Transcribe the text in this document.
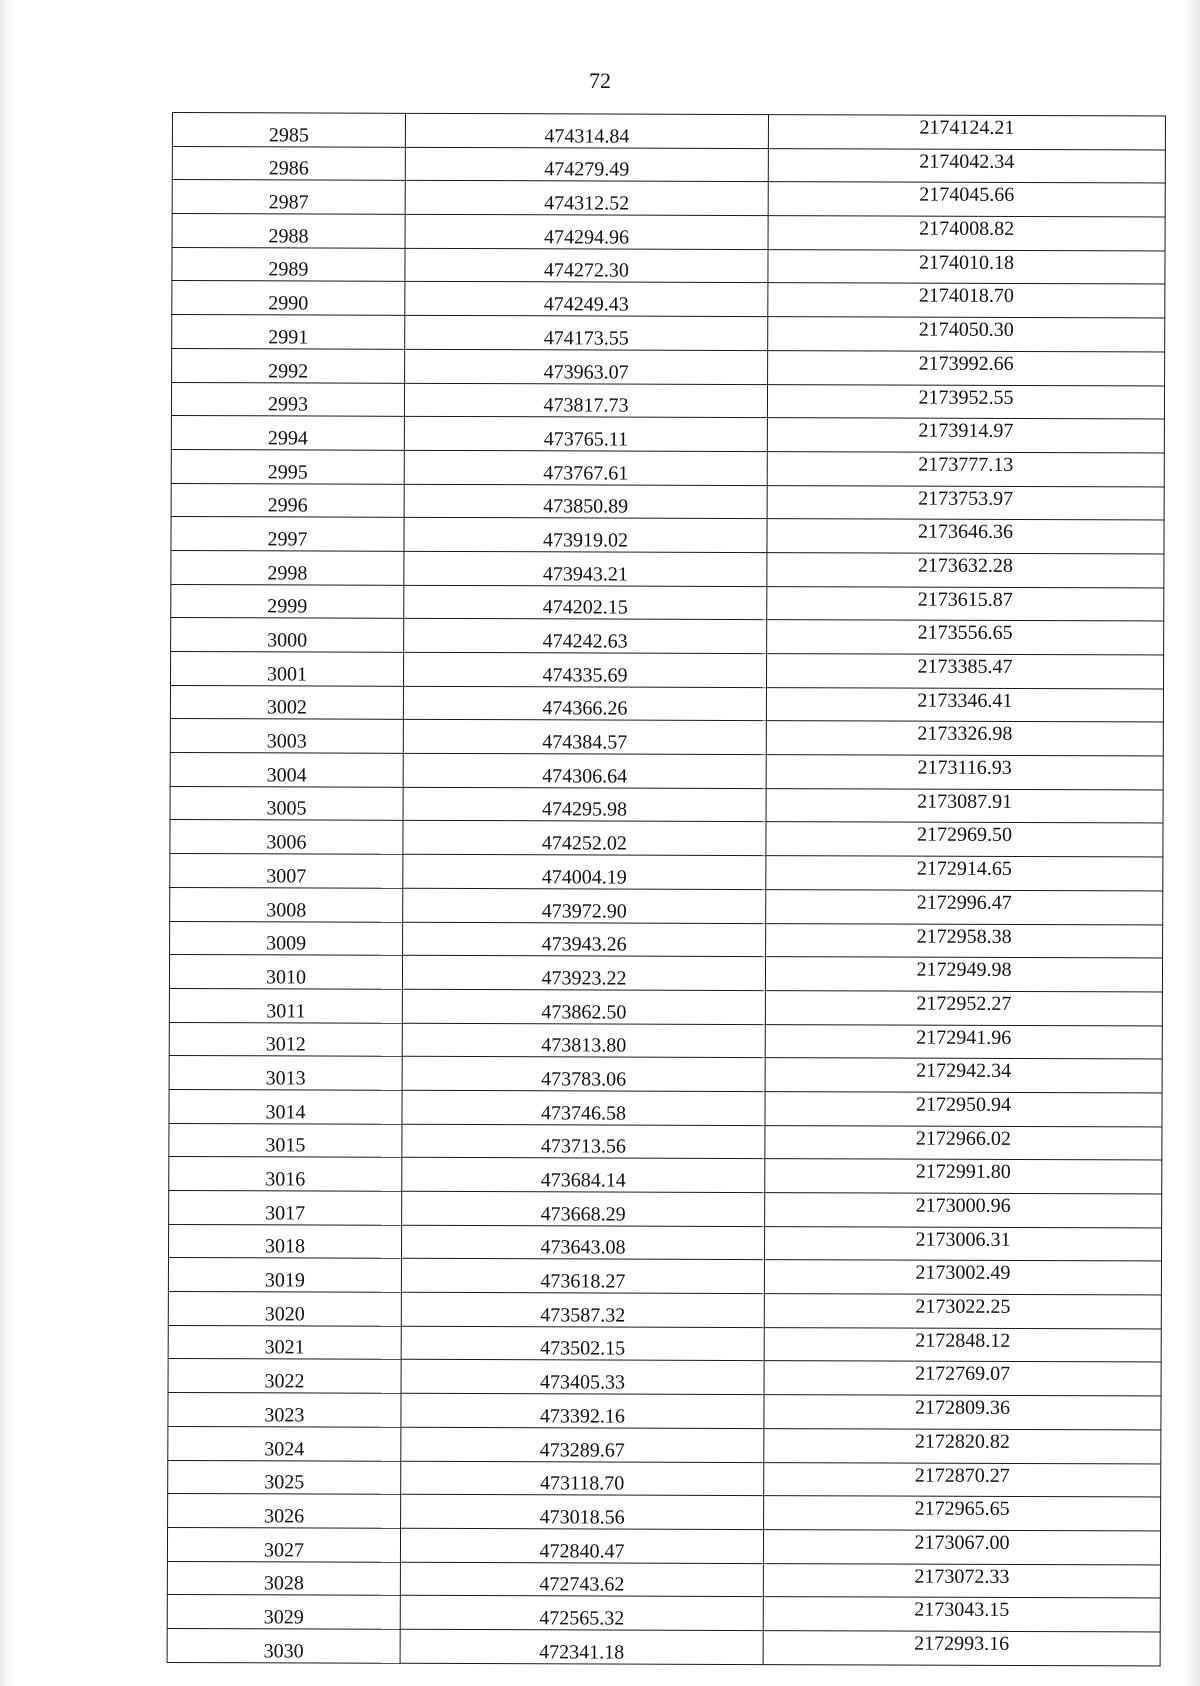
72
2985	474314.84	2174124.21
2986	474279.49	2174042.34
2987	474312.52	2174045.66
2988	474294.96	2174008.82
2989	474272.30	2174010.18
2990	474249.43	2174018.70
2991	474173.55	2174050.30
2992	473963.07	2173992.66
2993	473817.73	2173952.55
2994	473765.11	2173914.97
2995	473767.61	2173777.13
2996	473850.89	2173753.97
2997	473919.02	2173646.36
2998	473943.21	2173632.28
2999	474202.15	2173615.87
3000	474242.63	2173556.65
3001	474335.69	2173385.47
3002	474366.26	2173346.41
3003	474384.57	2173326.98
3004	474306.64	2173116.93
3005	474295.98	2173087.91
3006	474252.02	2172969.50
3007	474004.19	2172914.65
3008	473972.90	2172996.47
3009	473943.26	2172958.38
3010	473923.22	2172949.98
3011	473862.50	2172952.27
3012	473813.80	2172941.96
3013	473783.06	2172942.34
3014	473746.58	2172950.94
3015	473713.56	2172966.02
3016	473684.14	2172991.80
3017	473668.29	2173000.96
3018	473643.08	2173006.31
3019	473618.27	2173002.49
3020	473587.32	2173022.25
3021	473502.15	2172848.12
3022	473405.33	2172769.07
3023	473392.16	2172809.36
3024	473289.67	2172820.82
3025	473118.70	2172870.27
3026	473018.56	2172965.65
3027	472840.47	2173067.00
3028	472743.62	2173072.33
3029	472565.32	2173043.15
3030	472341.18	2172993.16
